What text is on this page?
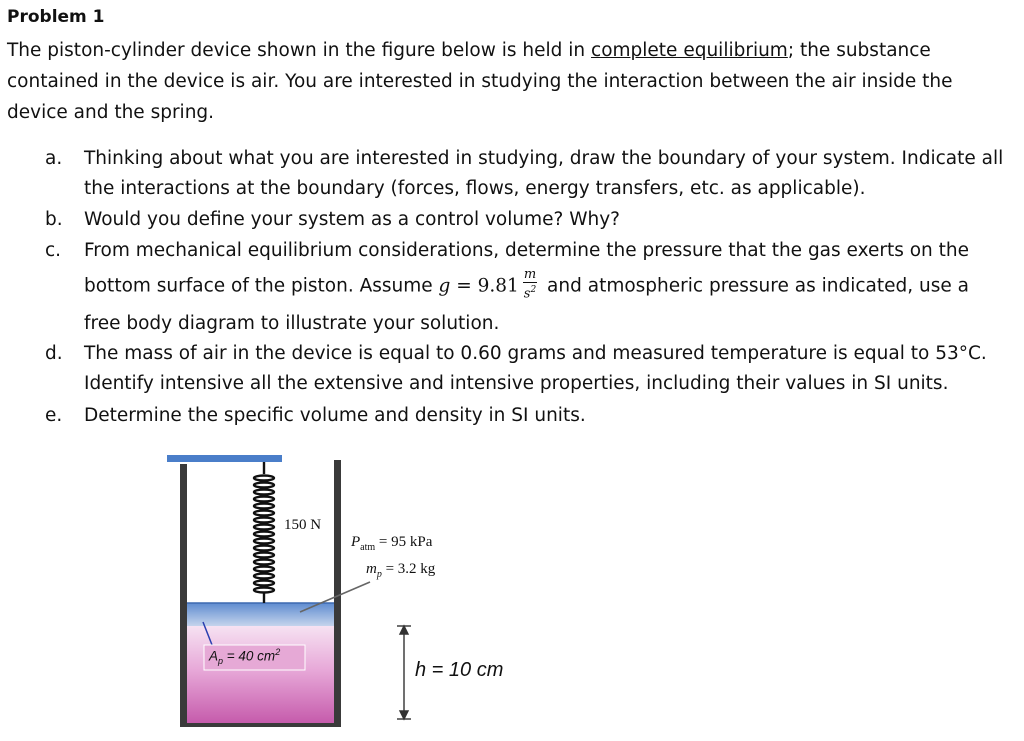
Problem 1
The piston-cylinder device shown in the figure below is held in complete equilibrium; the substance contained in the device is air. You are interested in studying the interaction between the air inside the device and the spring.
a. Thinking about what you are interested in studying, draw the boundary of your system. Indicate all the interactions at the boundary (forces, flows, energy transfers, etc. as applicable).
b. Would you define your system as a control volume? Why?
c. From mechanical equilibrium considerations, determine the pressure that the gas exerts on the
bottom surface of the piston. Assume $g = 9.81 \frac{m}{s^2}$ and atmospheric pressure as indicated, use a
free body diagram to illustrate your solution.
d. The mass of air in the device is equal to 0.60 grams and measured temperature is equal to 53°C. Identify intensive all the extensive and intensive properties, including their values in SI units.
e. Determine the specific volume and density in SI units.
150 N
$P_{atm} = 95$ kPa
$m_p = 3.2$ kg
$A_p = 40$ $cm^2$
h = 10 cm
